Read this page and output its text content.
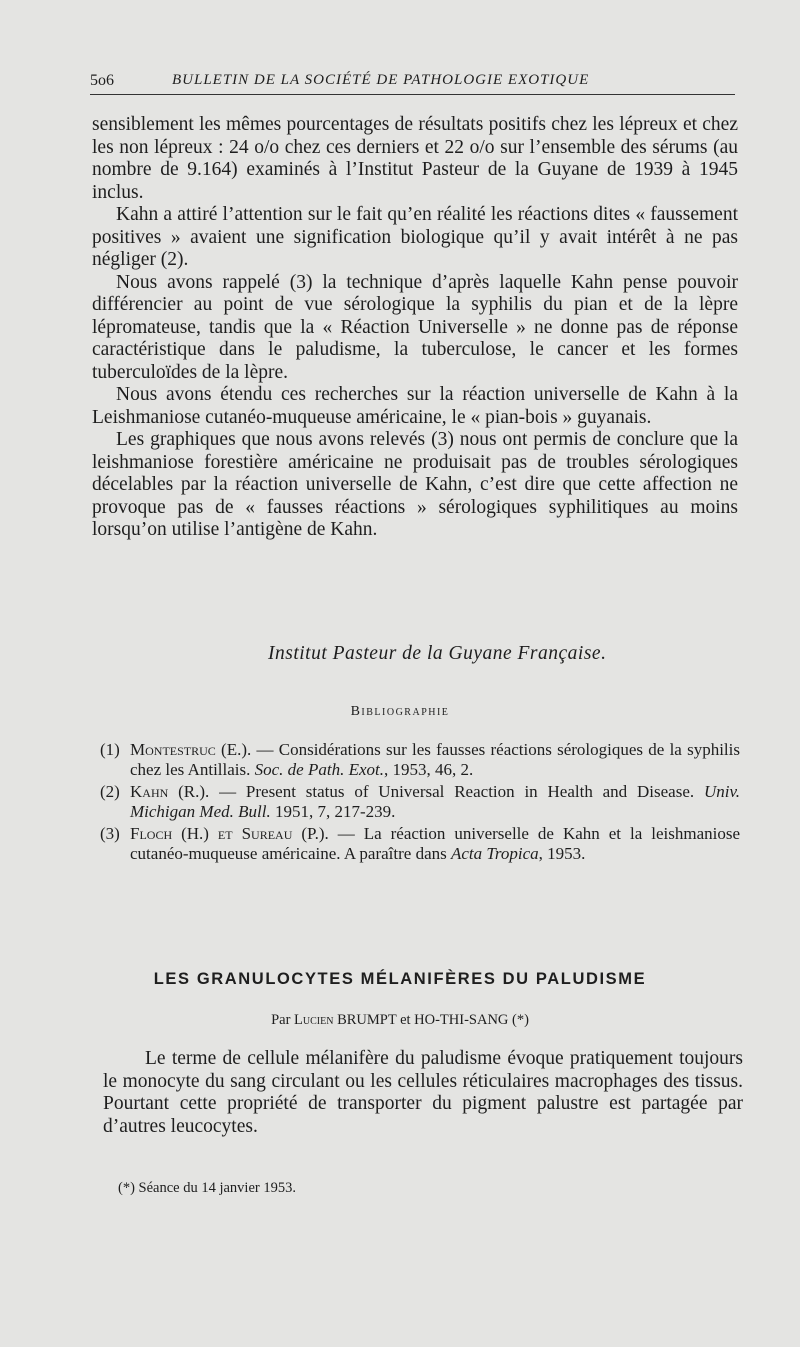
5o6	BULLETIN DE LA SOCIÉTÉ DE PATHOLOGIE EXOTIQUE

sensiblement les mêmes pourcentages de résultats positifs chez les lépreux et chez les non lépreux : 24 o/o chez ces derniers et 22 o/o sur l’ensemble des sérums (au nombre de 9.164) examinés à l’Institut Pasteur de la Guyane de 1939 à 1945 inclus.

Kahn a attiré l’attention sur le fait qu’en réalité les réactions dites « faussement positives » avaient une signification biologique qu’il y avait intérêt à ne pas négliger (2).

Nous avons rappelé (3) la technique d’après laquelle Kahn pense pouvoir différencier au point de vue sérologique la syphilis du pian et de la lèpre lépromateuse, tandis que la « Réaction Universelle » ne donne pas de réponse caractéristique dans le paludisme, la tuberculose, le cancer et les formes tuberculoïdes de la lèpre.

Nous avons étendu ces recherches sur la réaction universelle de Kahn à la Leishmaniose cutanéo-muqueuse américaine, le « pian-bois » guyanais.

Les graphiques que nous avons relevés (3) nous ont permis de conclure que la leishmaniose forestière américaine ne produisait pas de troubles sérologiques décelables par la réaction universelle de Kahn, c’est dire que cette affection ne provoque pas de « fausses réactions » sérologiques syphilitiques au moins lorsqu’on utilise l’antigène de Kahn.

Institut Pasteur de la Guyane Française.
Bibliographie
(1) Montestruc (E.). — Considérations sur les fausses réactions sérologiques de la syphilis chez les Antillais. Soc. de Path. Exot., 1953, 46, 2.
(2) Kahn (R.). — Present status of Universal Reaction in Health and Disease. Univ. Michigan Med. Bull. 1951, 7, 217-239.
(3) Floch (H.) et Sureau (P.). — La réaction universelle de Kahn et la leishmaniose cutanéo-muqueuse américaine. A paraître dans Acta Tropica, 1953.
LES GRANULOCYTES MÉLANIFÈRES DU PALUDISME
Par Lucien BRUMPT et HO-THI-SANG (*)

Le terme de cellule mélanifère du paludisme évoque pratiquement toujours le monocyte du sang circulant ou les cellules réticulaires macrophages des tissus. Pourtant cette propriété de transporter du pigment palustre est partagée par d’autres leucocytes.

(*) Séance du 14 janvier 1953.
